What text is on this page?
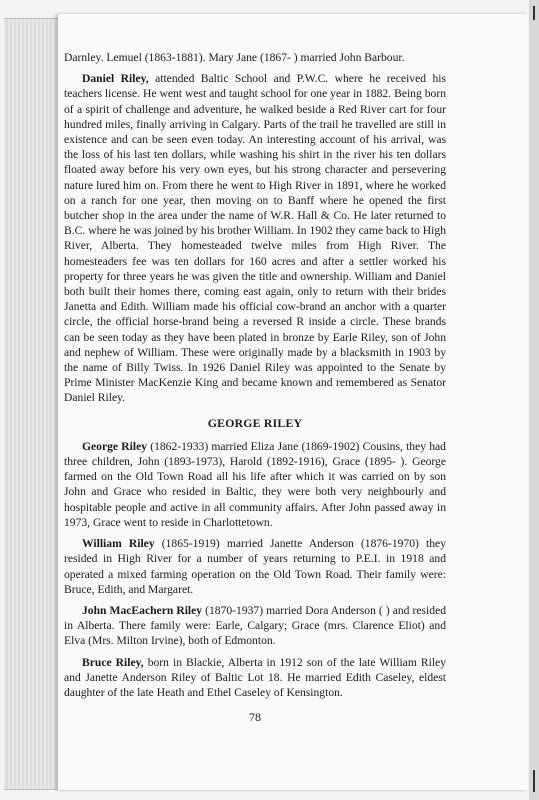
Darnley. Lemuel (1863-1881). Mary Jane (1867- ) married John Barbour.

Daniel Riley, attended Baltic School and P.W.C. where he received his teachers license. He went west and taught school for one year in 1882. Being born of a spirit of challenge and adventure, he walked beside a Red River cart for four hundred miles, finally arriving in Calgary. Parts of the trail he travelled are still in existence and can be seen even today. An interesting account of his arrival, was the loss of his last ten dollars, while washing his shirt in the river his ten dollars floated away before his very own eyes, but his strong character and persevering nature lured him on. From there he went to High River in 1891, where he worked on a ranch for one year, then moving on to Banff where he opened the first butcher shop in the area under the name of W.R. Hall & Co. He later returned to B.C. where he was joined by his brother William. In 1902 they came back to High River, Alberta. They homesteaded twelve miles from High River. The homesteaders fee was ten dollars for 160 acres and after a settler worked his property for three years he was given the title and ownership. William and Daniel both built their homes there, coming east again, only to return with their brides Janetta and Edith. William made his official cow-brand an anchor with a quarter circle, the official horse-brand being a reversed R inside a circle. These brands can be seen today as they have been plated in bronze by Earle Riley, son of John and nephew of William. These were originally made by a blacksmith in 1903 by the name of Billy Twiss. In 1926 Daniel Riley was appointed to the Senate by Prime Minister MacKenzie King and became known and remembered as Senator Daniel Riley.

GEORGE RILEY

George Riley (1862-1933) married Eliza Jane (1869-1902) Cousins, they had three children, John (1893-1973), Harold (1892-1916), Grace (1895- ). George farmed on the Old Town Road all his life after which it was carried on by son John and Grace who resided in Baltic, they were both very neighbourly and hospitable people and active in all community affairs. After John passed away in 1973, Grace went to reside in Charlottetown.

William Riley (1865-1919) married Janette Anderson (1876-1970) they resided in High River for a number of years returning to P.E.I. in 1918 and operated a mixed farming operation on the Old Town Road. Their family were: Bruce, Edith, and Margaret.

John MacEachern Riley (1870-1937) married Dora Anderson ( ) and resided in Alberta. There family were: Earle, Calgary; Grace (mrs. Clarence Eliot) and Elva (Mrs. Milton Irvine), both of Edmonton.

Bruce Riley, born in Blackie, Alberta in 1912 son of the late William Riley and Janette Anderson Riley of Baltic Lot 18. He married Edith Caseley, eldest daughter of the late Heath and Ethel Caseley of Kensington.

78
